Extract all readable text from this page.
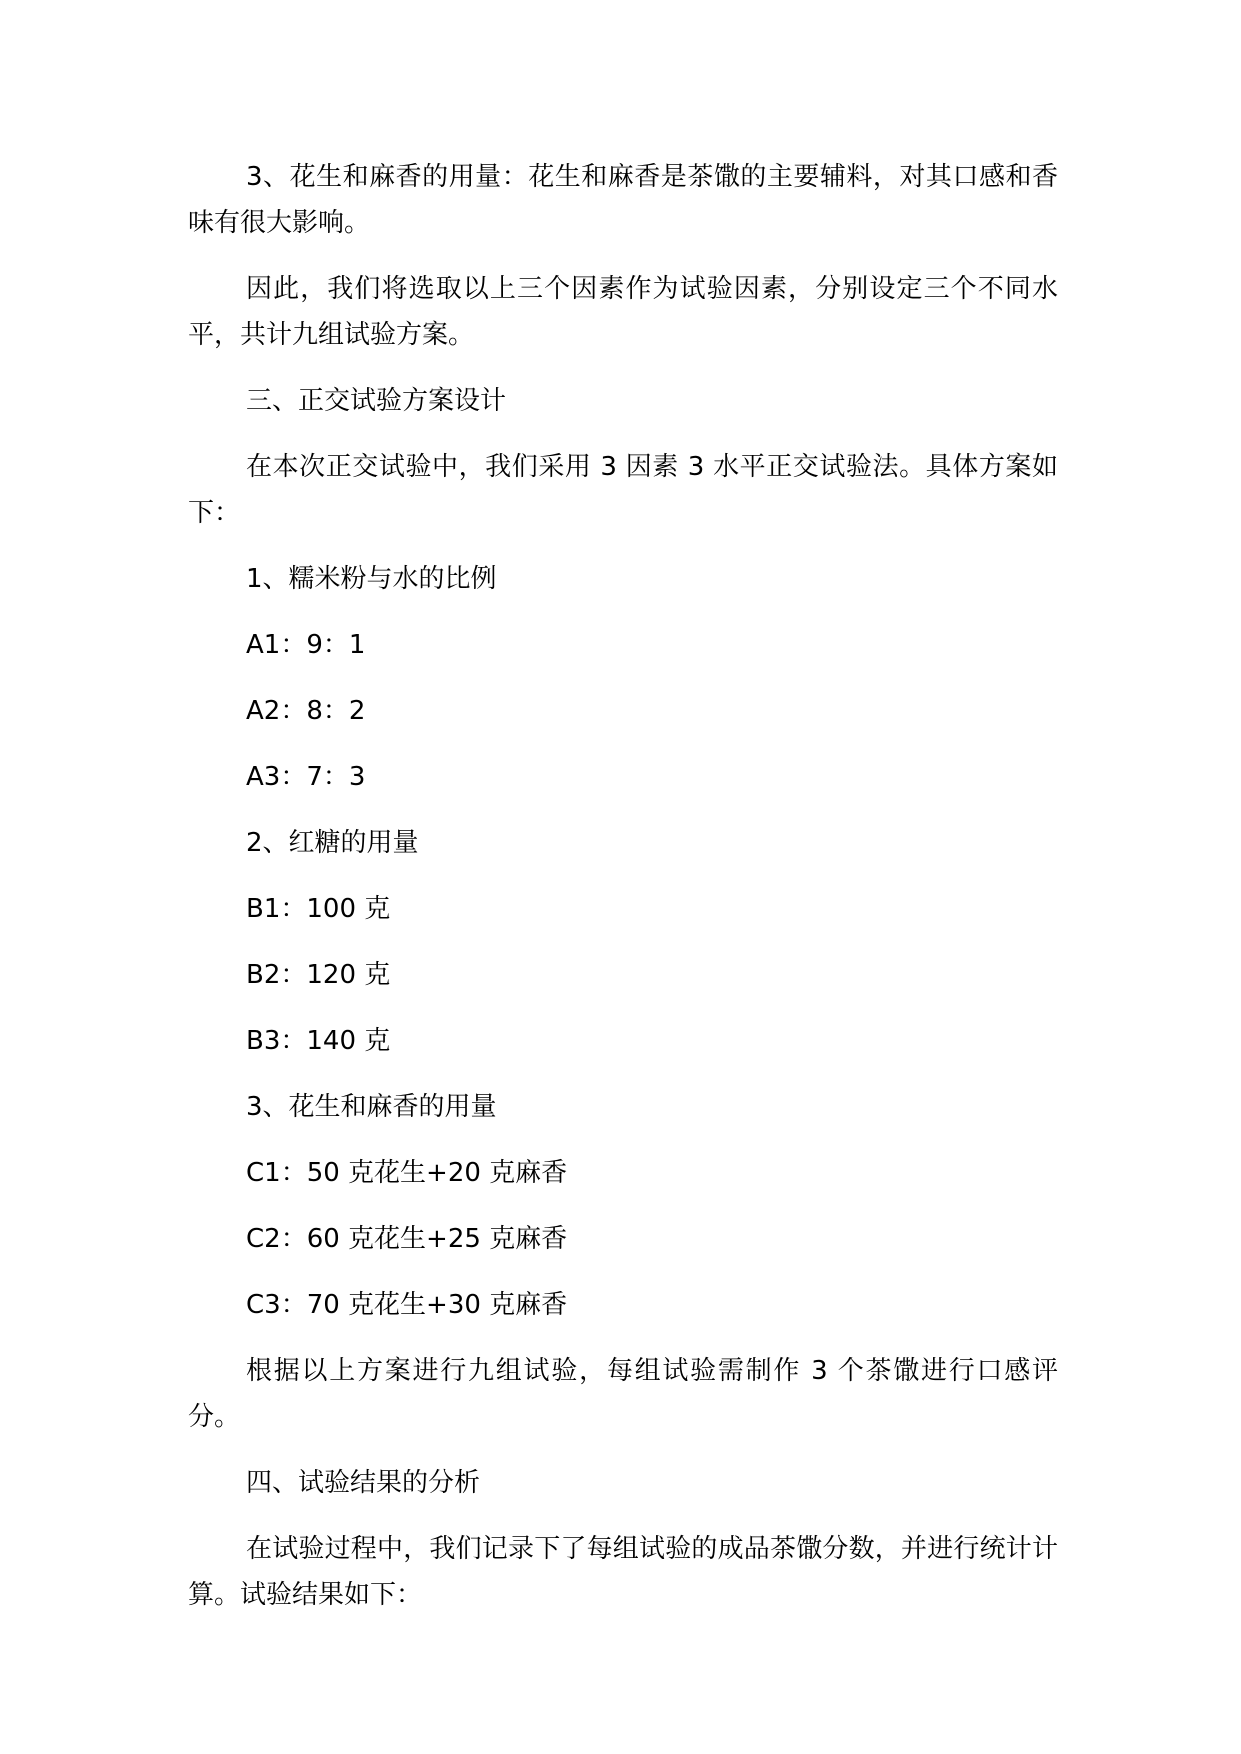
3、花生和麻香的用量：花生和麻香是茶馓的主要辅料，对其口感和香味有很大影响。

因此，我们将选取以上三个因素作为试验因素，分别设定三个不同水平，共计九组试验方案。

三、正交试验方案设计

在本次正交试验中，我们采用 3 因素 3 水平正交试验法。具体方案如下：

1、糯米粉与水的比例

A1：9：1

A2：8：2

A3：7：3

2、红糖的用量

B1：100 克

B2：120 克

B3：140 克

3、花生和麻香的用量

C1：50 克花生+20 克麻香

C2：60 克花生+25 克麻香

C3：70 克花生+30 克麻香

根据以上方案进行九组试验，每组试验需制作 3 个茶馓进行口感评分。

四、试验结果的分析

在试验过程中，我们记录下了每组试验的成品茶馓分数，并进行统计计算。试验结果如下：
